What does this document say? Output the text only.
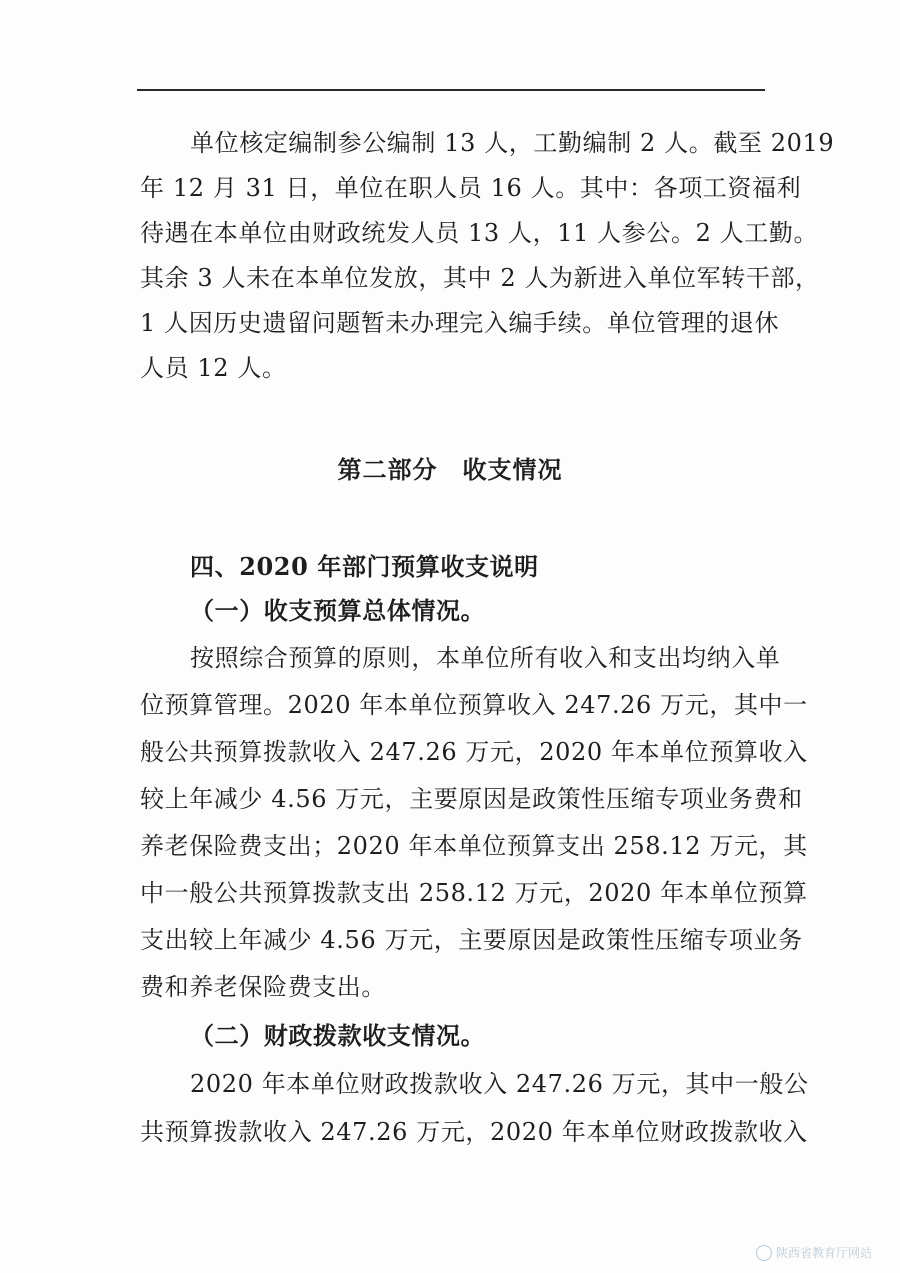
单位核定编制参公编制 13 人，工勤编制 2 人。截至 2019
年 12 月 31 日，单位在职人员 16 人。其中：各项工资福利
待遇在本单位由财政统发人员 13 人，11 人参公。2 人工勤。
其余 3 人未在本单位发放，其中 2 人为新进入单位军转干部，
1 人因历史遗留问题暂未办理完入编手续。单位管理的退休
人员 12 人。
第二部分　收支情况
四、2020 年部门预算收支说明
（一）收支预算总体情况。
按照综合预算的原则，本单位所有收入和支出均纳入单
位预算管理。2020 年本单位预算收入 247.26 万元，其中一
般公共预算拨款收入 247.26 万元，2020 年本单位预算收入
较上年减少 4.56 万元，主要原因是政策性压缩专项业务费和
养老保险费支出；2020 年本单位预算支出 258.12 万元，其
中一般公共预算拨款支出 258.12 万元，2020 年本单位预算
支出较上年减少 4.56 万元，主要原因是政策性压缩专项业务
费和养老保险费支出。
（二）财政拨款收支情况。
2020 年本单位财政拨款收入 247.26 万元，其中一般公
共预算拨款收入 247.26 万元，2020 年本单位财政拨款收入
陕西省教育厅网站
